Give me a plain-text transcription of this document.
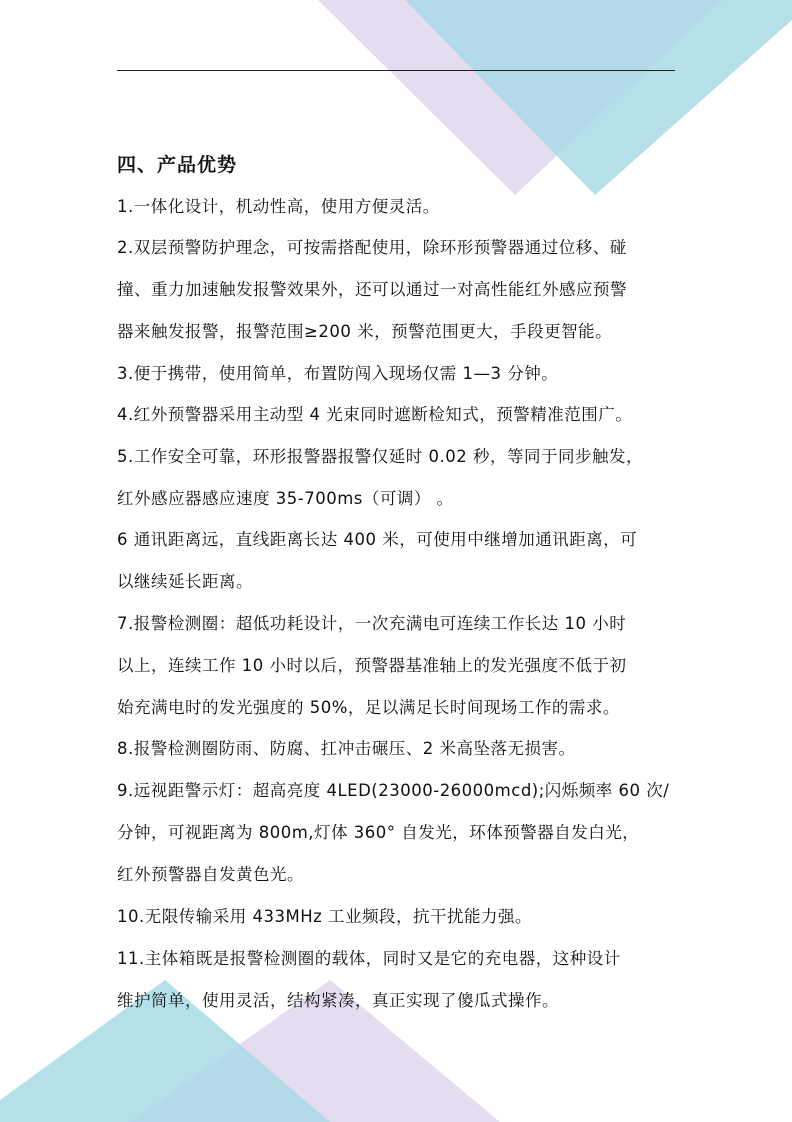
四、产品优势

1.一体化设计，机动性高，使用方便灵活。

2.双层预警防护理念，可按需搭配使用，除环形预警器通过位移、碰

撞、重力加速触发报警效果外，还可以通过一对高性能红外感应预警

器来触发报警，报警范围≥200 米，预警范围更大，手段更智能。

3.便于携带，使用简单，布置防闯入现场仅需 1—3 分钟。

4.红外预警器采用主动型 4 光束同时遮断检知式，预警精准范围广。

5.工作安全可靠，环形报警器报警仅延时 0.02 秒，等同于同步触发，

红外感应器感应速度 35-700ms（可调） 。

6 通讯距离远，直线距离长达 400 米，可使用中继增加通讯距离，可

以继续延长距离。

7.报警检测圈：超低功耗设计，一次充满电可连续工作长达 10 小时

以上，连续工作 10 小时以后，预警器基准轴上的发光强度不低于初

始充满电时的发光强度的 50%，足以满足长时间现场工作的需求。

8.报警检测圈防雨、防腐、扛冲击碾压、2 米高坠落无损害。

9.远视距警示灯：超高亮度 4LED(23000-26000mcd);闪烁频率 60 次/

分钟，可视距离为 800m,灯体 360° 自发光，环体预警器自发白光，

红外预警器自发黄色光。

10.无限传输采用 433MHz 工业频段，抗干扰能力强。

11.主体箱既是报警检测圈的载体，同时又是它的充电器，这种设计

维护简单，使用灵活，结构紧凑，真正实现了傻瓜式操作。
